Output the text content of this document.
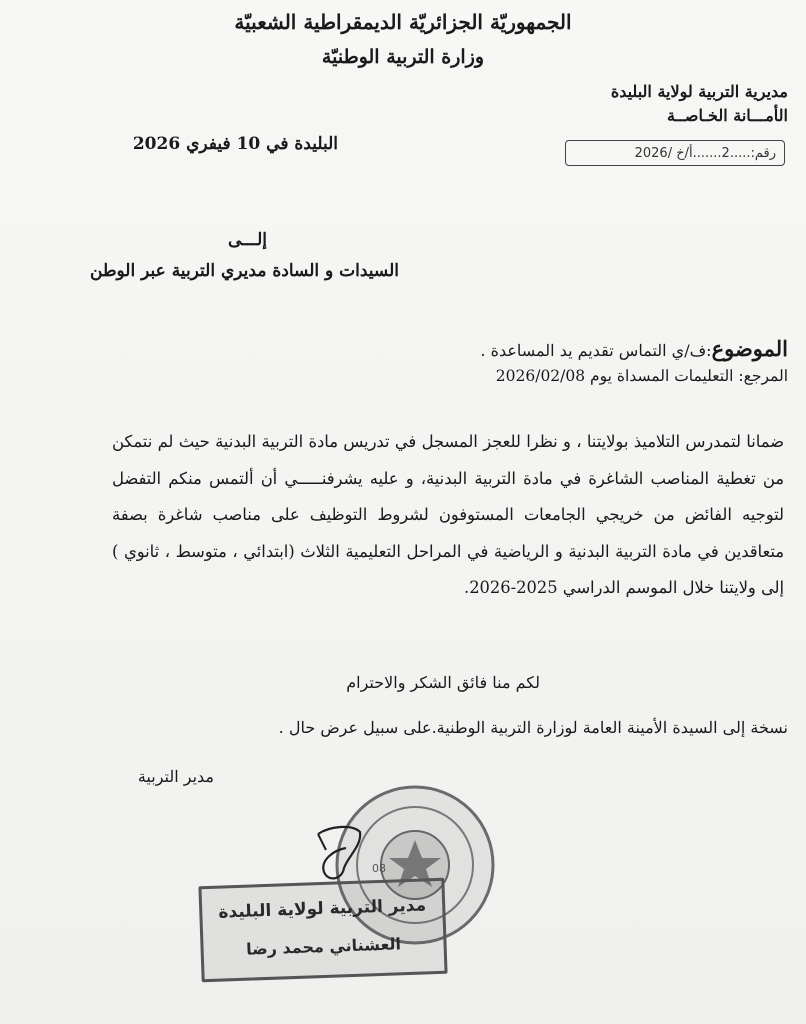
الجمهوريّة الجزائريّة الديمقراطية الشعبيّة
وزارة التربية الوطنيّة
مديرية التربية لولاية البليدة
الأمـــانة الخـاصــة
رقم:.....2.......أ/خ /2026
البليدة في 10 فيفري 2026
إلـــى
السيدات و السادة مديري التربية عبر الوطن
الموضوع:ف/ي التماس تقديم يد المساعدة .
المرجع: التعليمات المسداة يوم 2026/02/08
ضمانا لتمدرس التلاميذ بولايتنا ، و نظرا للعجز المسجل في تدريس مادة التربية البدنية حيث لم نتمكن من تغطية المناصب الشاغرة في مادة التربية البدنية، و عليه يشرفنـــــي أن ألتمس منكم التفضل لتوجيه الفائض من خريجي الجامعات المستوفون لشروط التوظيف على مناصب شاغرة بصفة متعاقدين في مادة التربية البدنية و الرياضية في المراحل التعليمية الثلاث (ابتدائي ، متوسط ، ثانوي ) إلى ولايتنا خلال الموسم الدراسي 2025-2026.
لكم منا فائق الشكر والاحترام
نسخة إلى السيدة الأمينة العامة لوزارة التربية الوطنية.على سبيل عرض حال .
مدير التربية
08
مدير التربية لولاية البليدة
العشناني محمد رضا
